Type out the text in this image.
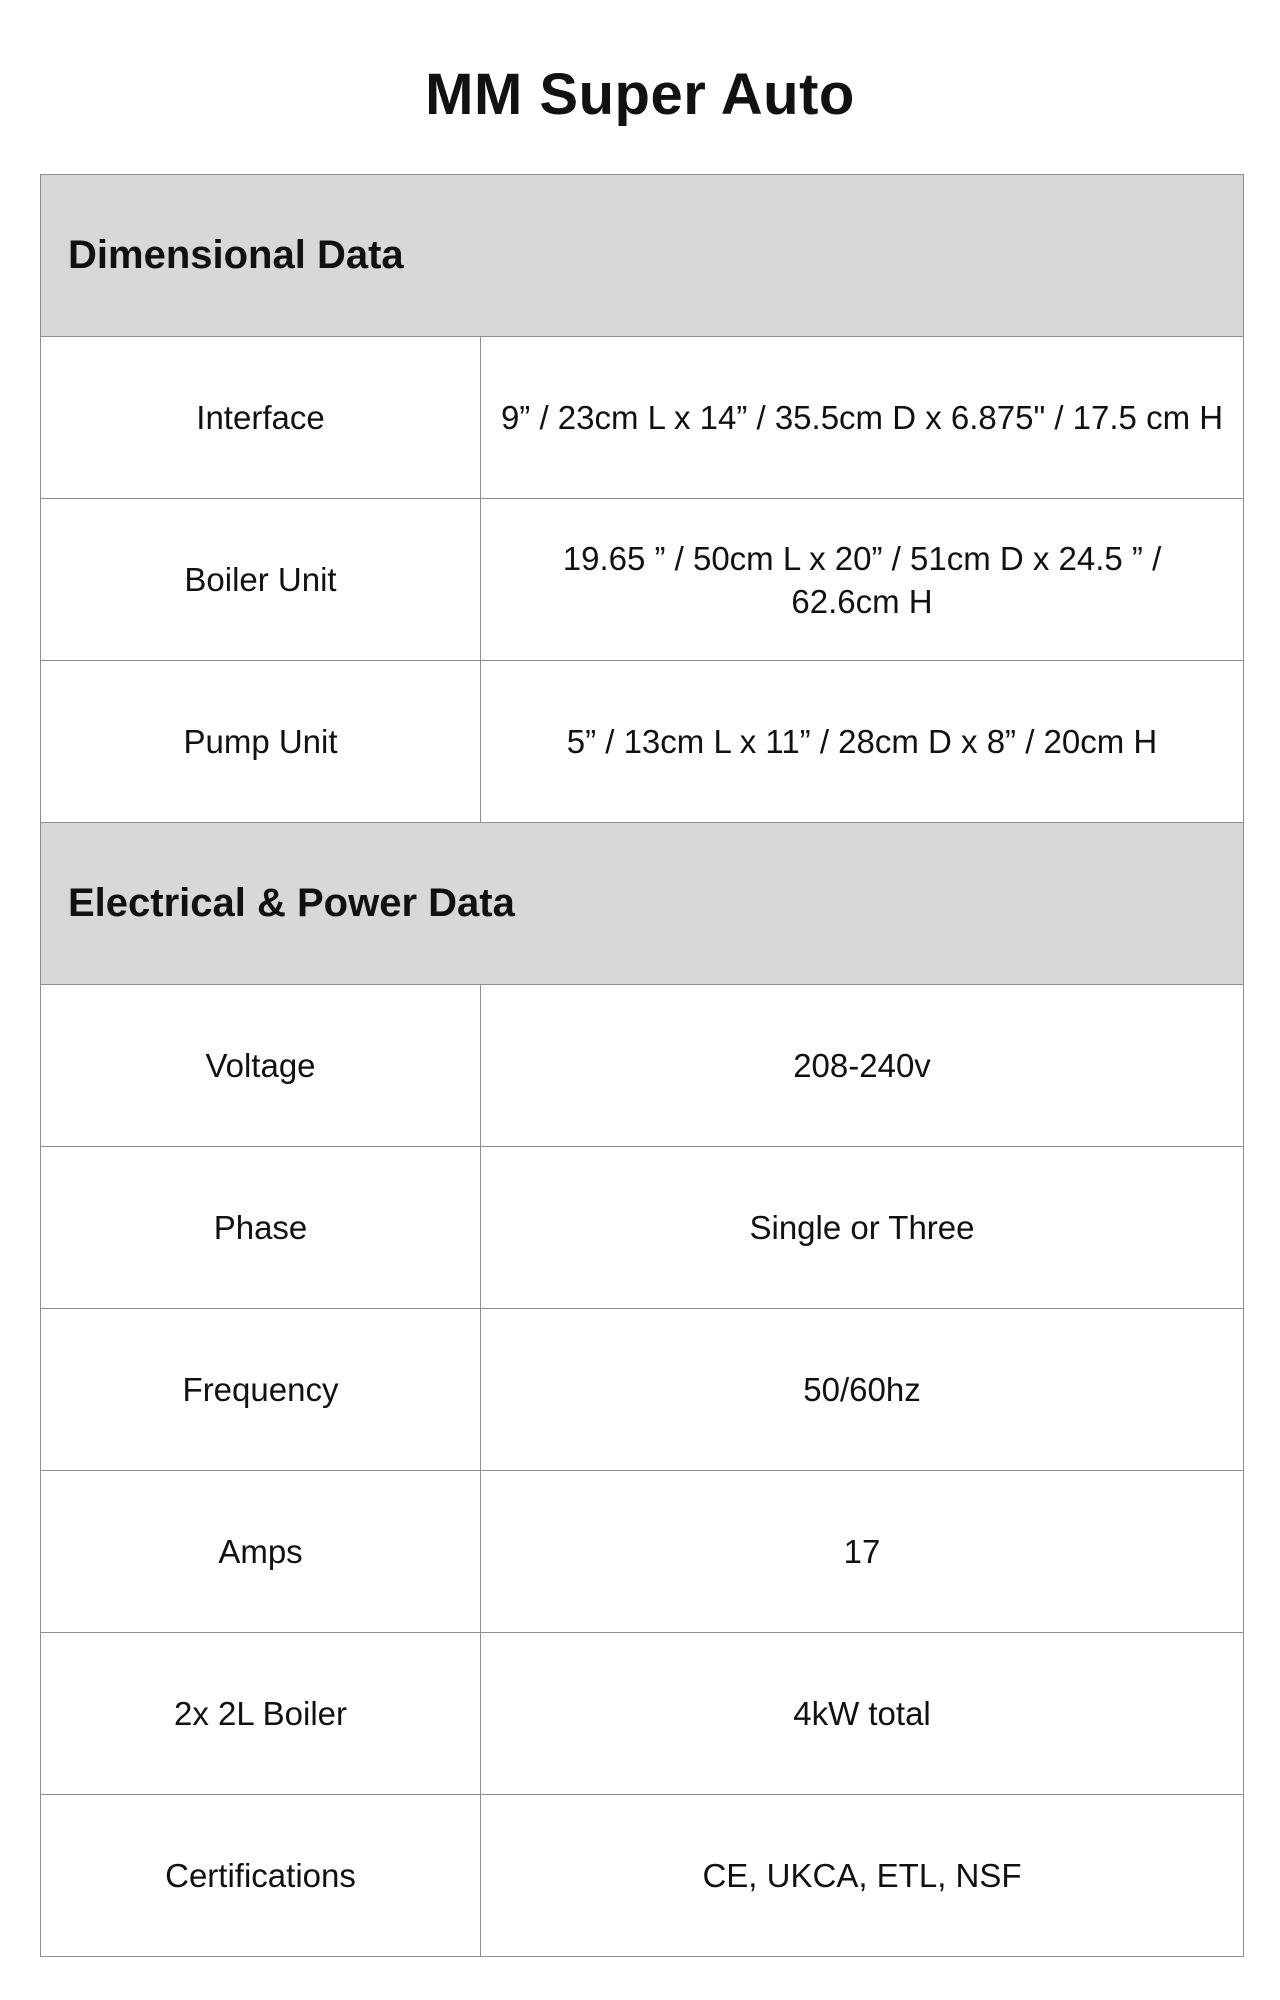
MM Super Auto
Dimensional Data	
Interface	9” / 23cm L x 14” / 35.5cm D x 6.875" / 17.5 cm H
Boiler Unit	19.65 ” / 50cm L x 20” / 51cm D x 24.5 ” / 62.6cm H
Pump Unit	5” / 13cm L x 11” / 28cm D x 8” / 20cm H
Electrical & Power Data	
Voltage	208-240v
Phase	Single or Three
Frequency	50/60hz
Amps	17
2x 2L Boiler	4kW total
Certifications	CE, UKCA, ETL, NSF
